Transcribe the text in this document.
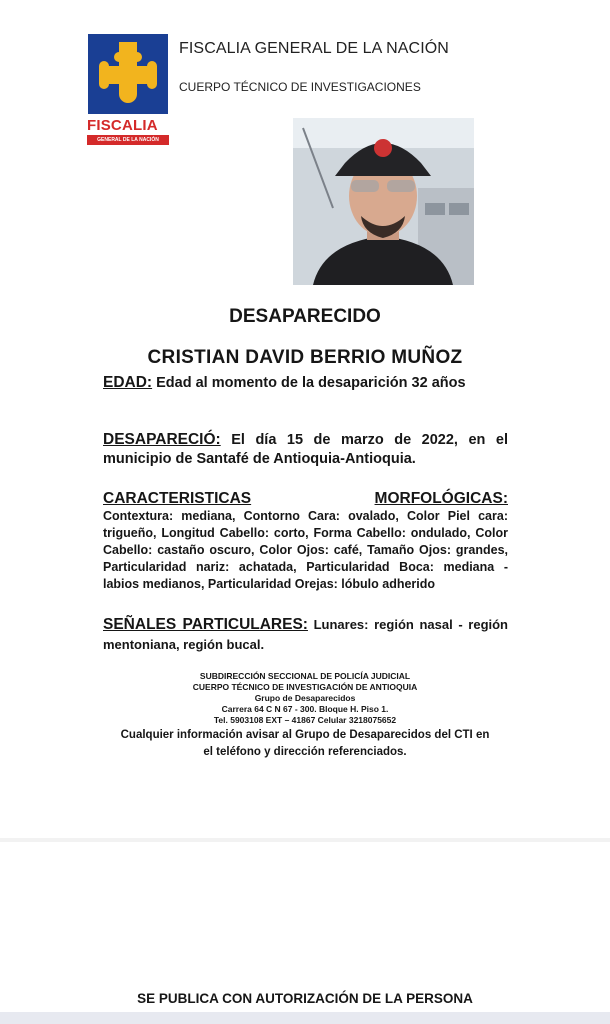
FISCALIA
GENERAL DE LA NACIÓN
FISCALIA GENERAL DE LA NACIÓN
CUERPO TÉCNICO DE INVESTIGACIONES
DESAPARECIDO
CRISTIAN DAVID BERRIO MUÑOZ
EDAD: Edad al momento de la desaparición 32 años
DESAPARECIÓ: El día 15 de marzo de 2022, en el municipio de Santafé de Antioquia-Antioquia.
CARACTERISTICAS	MORFOLÓGICAS:
Contextura: mediana, Contorno Cara: ovalado, Color Piel cara: trigueño, Longitud Cabello: corto, Forma Cabello: ondulado, Color Cabello: castaño oscuro, Color Ojos: café, Tamaño Ojos: grandes, Particularidad nariz: achatada, Particularidad Boca: mediana - labios medianos, Particularidad Orejas: lóbulo adherido
SEÑALES PARTICULARES: Lunares: región nasal - región mentoniana, región bucal.
SUBDIRECCIÓN SECCIONAL DE POLICÍA JUDICIAL
CUERPO TÉCNICO DE INVESTIGACIÓN DE ANTIOQUIA
Grupo de Desaparecidos
Carrera 64 C N 67 - 300. Bloque H. Piso 1.
Tel. 5903108 EXT – 41867 Celular 3218075652
Cualquier información avisar al Grupo de Desaparecidos del CTI en
el teléfono y dirección referenciados.
SE PUBLICA CON AUTORIZACIÓN DE LA PERSONA
